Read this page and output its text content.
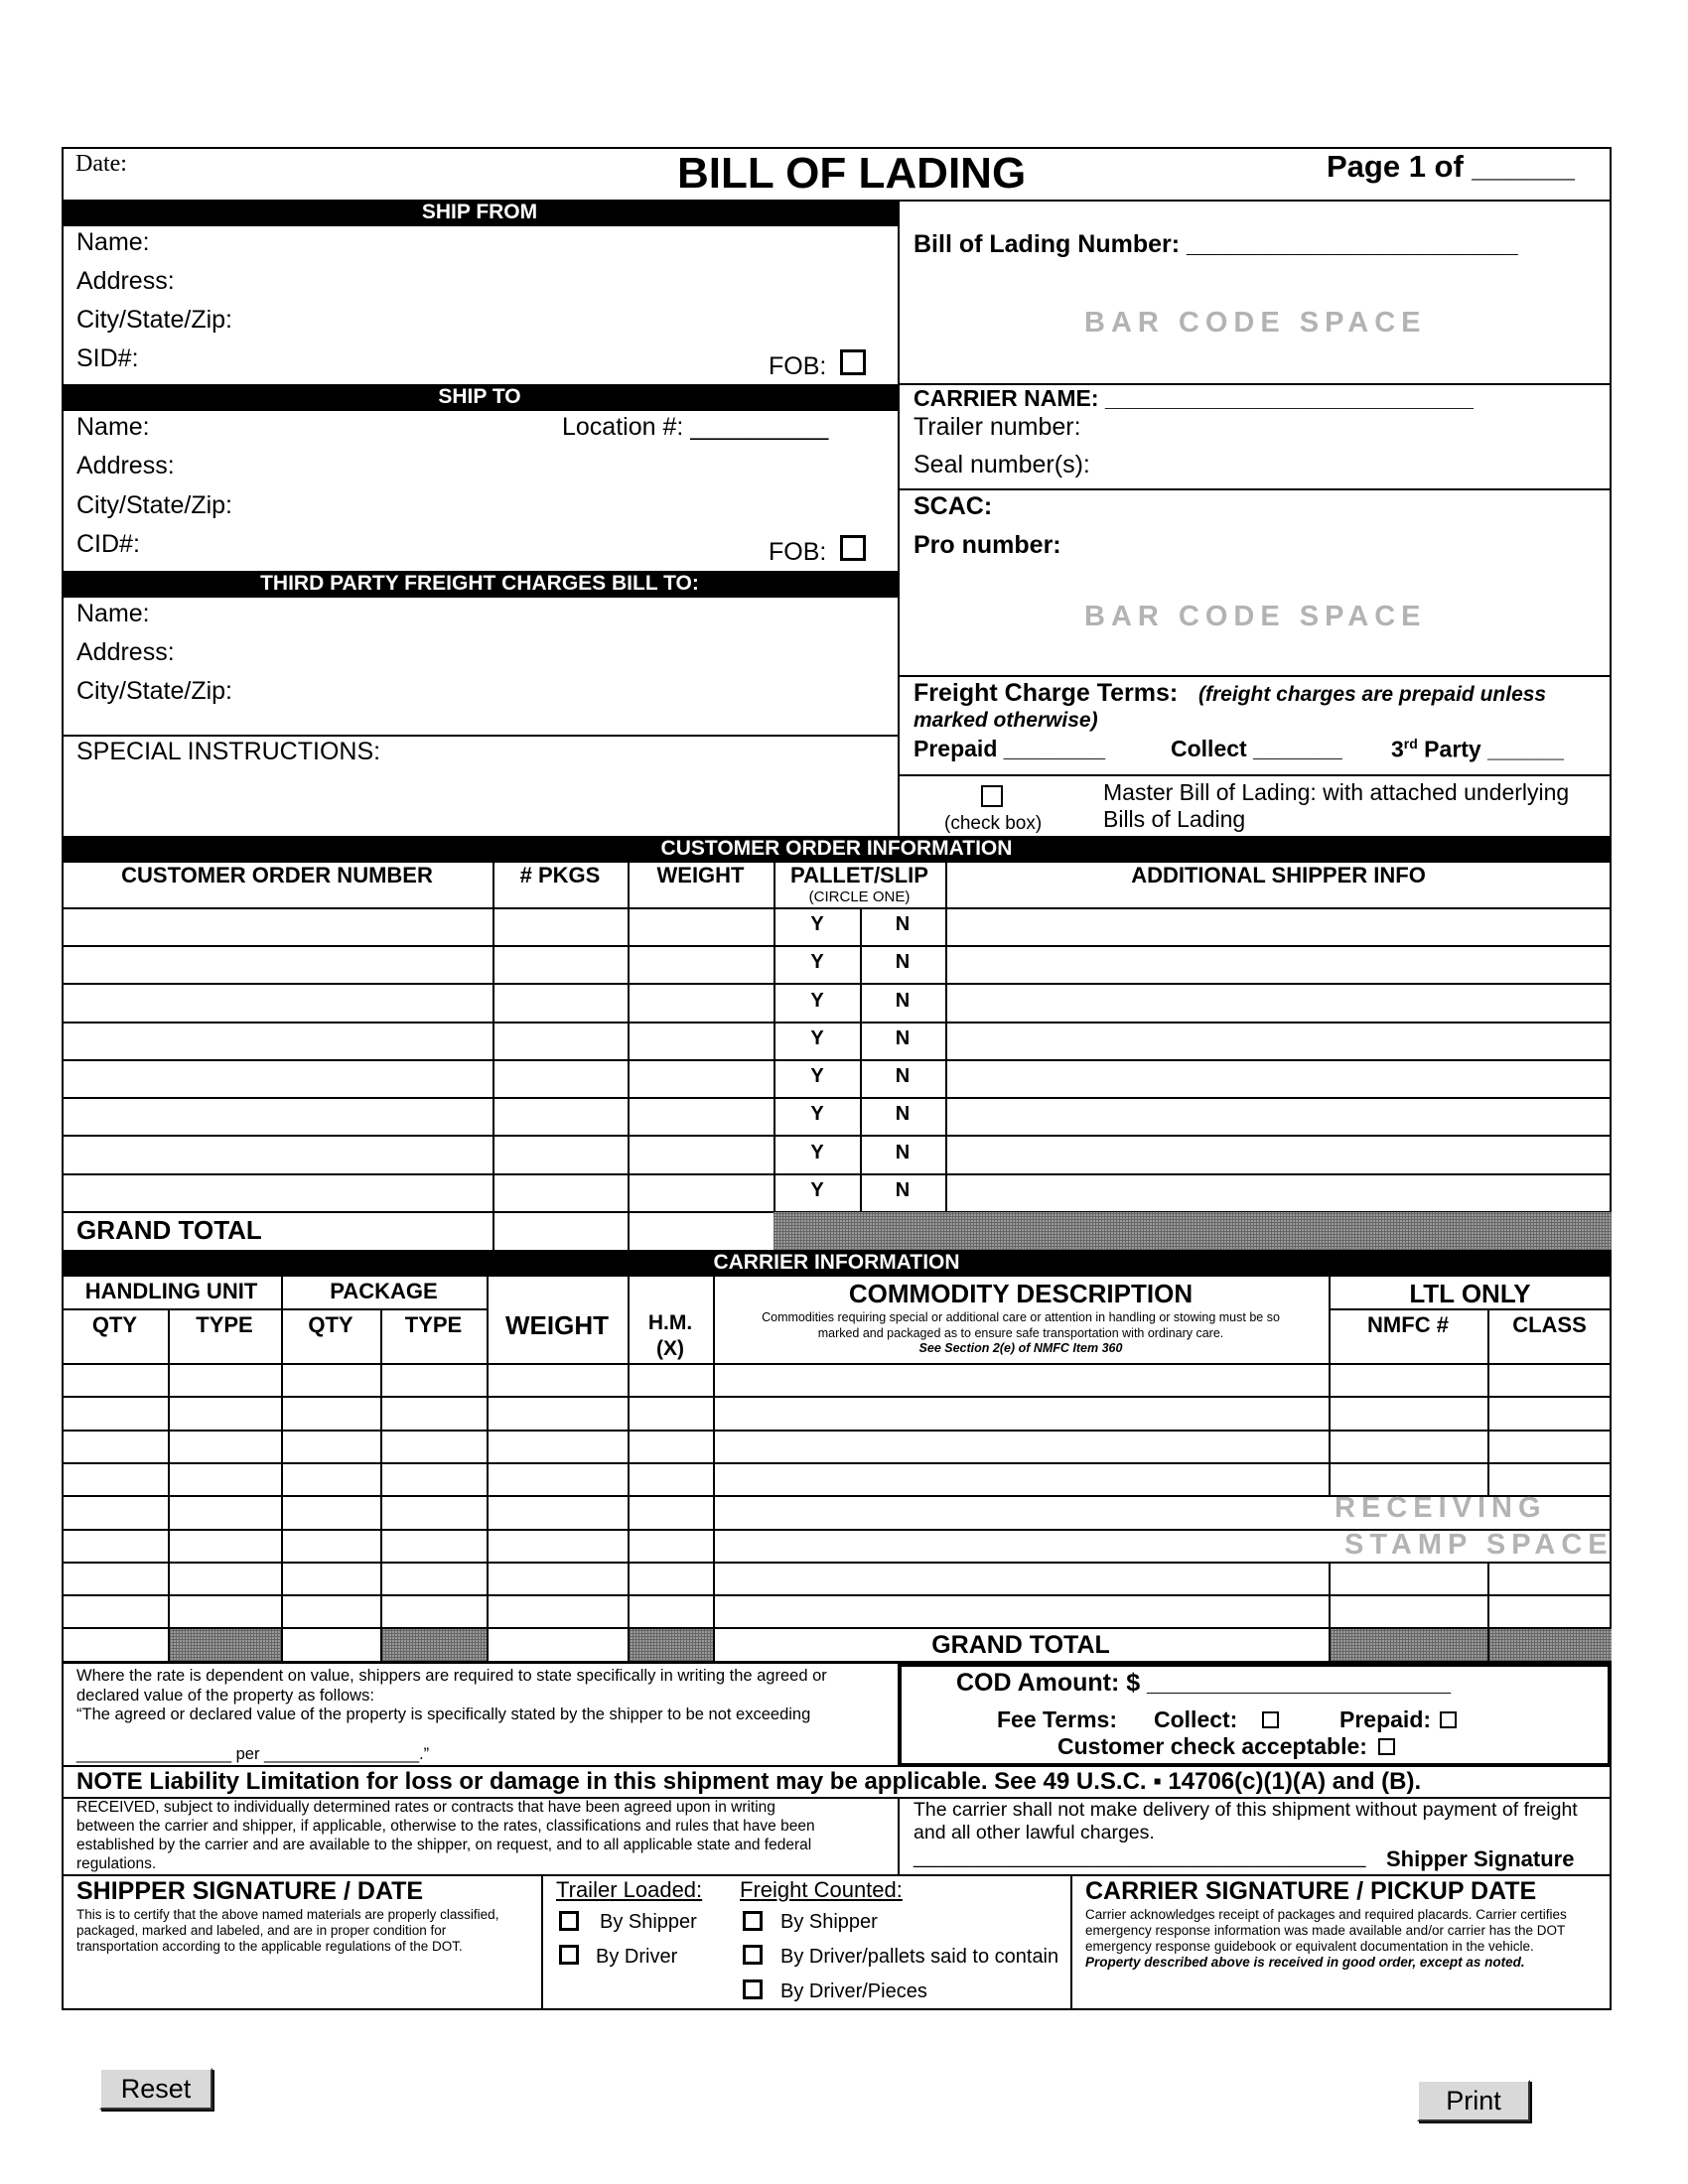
Date:	BILL OF LADING	Page 1 of ______
SHIP FROM
Name:
Address:
City/State/Zip:
SID#:	FOB:
SHIP TO
Name:	Location #: __________
Address:
City/State/Zip:
CID#:	FOB:
THIRD PARTY FREIGHT CHARGES BILL TO:
Name:
Address:
City/State/Zip:
SPECIAL INSTRUCTIONS:
Bill of Lading Number: ________________________
BAR CODE SPACE
CARRIER NAME: _____________________________
Trailer number:
Seal number(s):
SCAC:
Pro number:
BAR CODE SPACE
Freight Charge Terms: (freight charges are prepaid unless
marked otherwise)
Prepaid ________	Collect _______ 3rd Party ______
(check box)
Master Bill of Lading: with attached underlying
Bills of Lading
CUSTOMER ORDER INFORMATION
CUSTOMER ORDER NUMBER	# PKGS	WEIGHT	PALLET/SLIP
(CIRCLE ONE)
ADDITIONAL SHIPPER INFO
Y	N
Y	N
Y	N
Y	N
Y	N
Y	N
Y	N
Y	N
GRAND TOTAL
CARRIER INFORMATION
HANDLING UNIT	PACKAGE
QTY	TYPE	QTY	TYPE	WEIGHT	H.M.
(X)
COMMODITY DESCRIPTION
Commodities requiring special or additional care or attention in handling or stowing must be so
marked and packaged as to ensure safe transportation with ordinary care.
See Section 2(e) of NMFC Item 360
LTL ONLY
NMFC #	CLASS
RECEIVING
STAMP SPACE
GRAND TOTAL
Where the rate is dependent on value, shippers are required to state specifically in writing the agreed or
declared value of the property as follows:
“The agreed or declared value of the property is specifically stated by the shipper to be not exceeding
_________________ per _________________.”
COD Amount: $ ______________________
Fee Terms: Collect:	Prepaid:
Customer check acceptable:
NOTE Liability Limitation for loss or damage in this shipment may be applicable. See 49 U.S.C. ▪ 14706(c)(1)(A) and (B).
RECEIVED, subject to individually determined rates or contracts that have been agreed upon in writing
between the carrier and shipper, if applicable, otherwise to the rates, classifications and rules that have been
established by the carrier and are available to the shipper, on request, and to all applicable state and federal
regulations.
The carrier shall not make delivery of this shipment without payment of freight
and all other lawful charges.
__________________________________________ Shipper Signature
SHIPPER SIGNATURE / DATE
This is to certify that the above named materials are properly classified,
packaged, marked and labeled, and are in proper condition for
transportation according to the applicable regulations of the DOT.
Trailer Loaded:
By Shipper
By Driver
Freight Counted:
By Shipper
By Driver/pallets said to contain
By Driver/Pieces
CARRIER SIGNATURE / PICKUP DATE
Carrier acknowledges receipt of packages and required placards. Carrier certifies
emergency response information was made available and/or carrier has the DOT
emergency response guidebook or equivalent documentation in the vehicle.
Property described above is received in good order, except as noted.
Reset	Print
